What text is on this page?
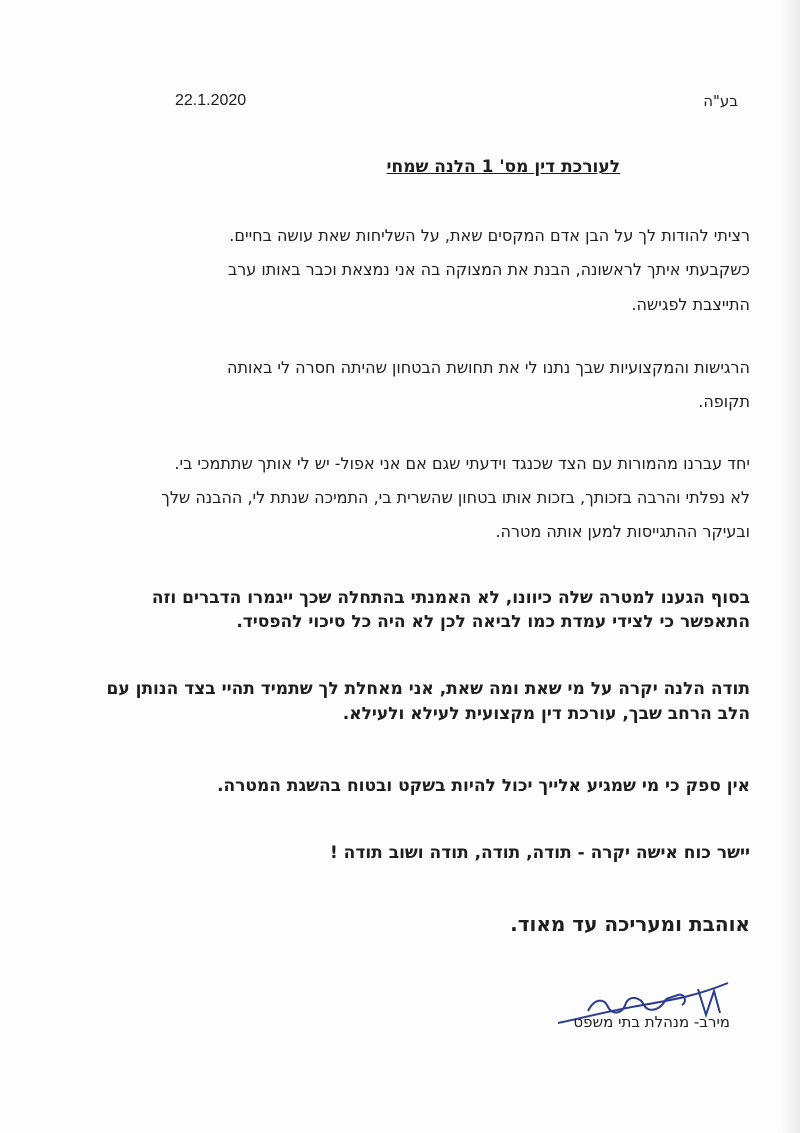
22.1.2020	בע"ה
לעורכת דין מס' 1 הלנה שמחי
רציתי להודות לך על הבן אדם המקסים שאת, על השליחות שאת עושה בחיים.
כשקבעתי איתך לראשונה, הבנת את המצוקה בה אני נמצאת וכבר באותו ערב
התייצבת לפגישה.
הרגישות והמקצועיות שבך נתנו לי את תחושת הבטחון שהיתה חסרה לי באותה
תקופה.
יחד עברנו מהמורות עם הצד שכנגד וידעתי שגם אם אני אפול- יש לי אותך שתתמכי בי.
לא נפלתי והרבה בזכותך, בזכות אותו בטחון שהשרית בי, התמיכה שנתת לי, ההבנה שלך
ובעיקר ההתגייסות למען אותה מטרה.
בסוף הגענו למטרה שלה כיוונו, לא האמנתי בהתחלה שכך ייגמרו הדברים וזה
התאפשר כי לצידי עמדת כמו לביאה לכן לא היה כל סיכוי להפסיד.
תודה הלנה יקרה על מי שאת ומה שאת, אני מאחלת לך שתמיד תהיי בצד הנותן עם
הלב הרחב שבך, עורכת דין מקצועית לעילא ולעילא.
אין ספק כי מי שמגיע אלייך יכול להיות בשקט ובטוח בהשגת המטרה.
יישר כוח אישה יקרה - תודה, תודה, תודה ושוב תודה !
אוהבת ומעריכה עד מאוד.
מירב- מנהלת בתי משפט
